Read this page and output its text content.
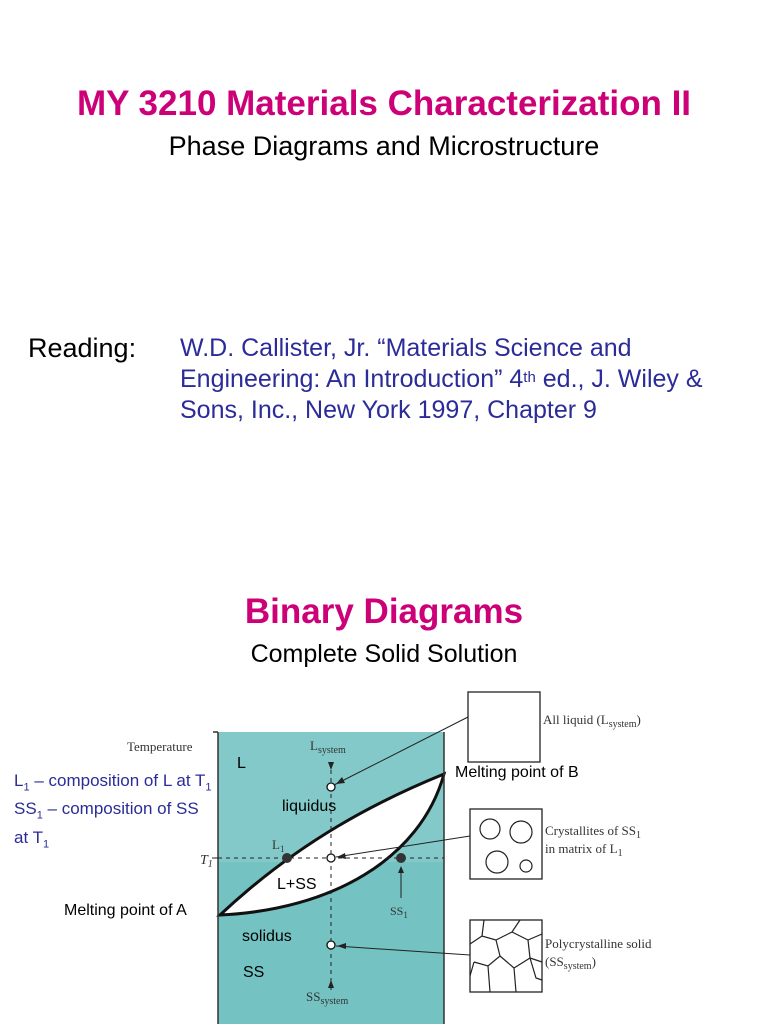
MY 3210 Materials Characterization II
Phase Diagrams and Microstructure
Reading: W.D. Callister, Jr. “Materials Science and Engineering: An Introduction” 4th ed., J. Wiley & Sons, Inc., New York 1997, Chapter 9
Binary Diagrams
Complete Solid Solution
$L_1$ – composition of L at $T_1$
$SS_1$ – composition of SS at $T_1$
Melting point of A
Melting point of B
Temperature
$T_1$
L
liquidus
$L_1$
L+SS
solidus
SS
$SS_1$
$L_{system}$
$SS_{system}$
All liquid $(L_{system})$
Crystallites of $SS_1$
in matrix of $L_1$
Polycrystalline solid
$(SS_{system})$
